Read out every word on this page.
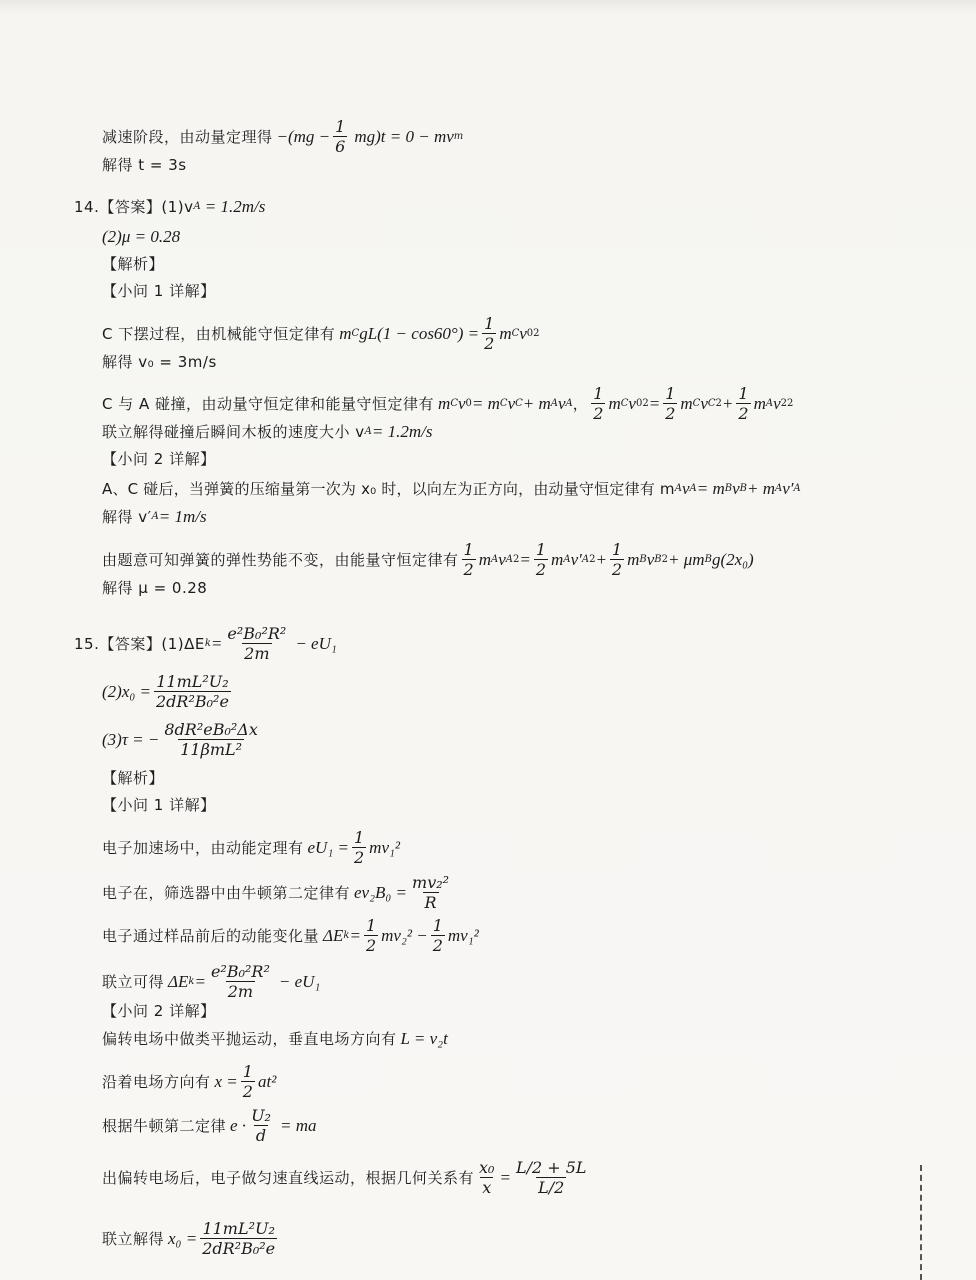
减速阶段，由动量定理得 $-(mg - \frac{1}{6} mg)t = 0$ − mv m
解得 t = 3s
14.【答案】(1)v A = 1.2m/s
(2)μ = 0.28
【解析】
【小问 1 详解】
C 下摆过程，由机械能守恒定律有 m C $gL(1 - \cos 60^\circ) = \frac{1}{2}$ m C v 0 2
解得 v₀ = 3m/s
C 与 A 碰撞，由动量守恒定律和能量守恒定律有 m C v 0 = m C v C + m A v A ， $\frac{1}{2}$ m C v 0 $2 = \frac{1}{2}$ m C v C $2 + \frac{1}{2}$ m A v 2 2
联立解得碰撞后瞬间木板的速度大小 v A = 1.2m/s
【小问 2 详解】
A、C 碰后，当弹簧的压缩量第一次为 x₀ 时，以向左为正方向，由动量守恒定律有 m A v A = m B v B + m A v′ A
解得 v′ A = 1m/s
由题意可知弹簧的弹性势能不变，由能量守恒定律有 $\frac{1}{2}$ m A v A $2 = \frac{1}{2}$ m A v′ A $2 + \frac{1}{2}$ m B v B 2 + μm B g(2x₀)
解得 μ = 0.28
15.【答案】(1)ΔE $k = \frac{\text{e²B₀²R²}}{2m} - eU_1$
$(2)x_0 = \frac{\text{11mL²U₂}}{\text{2dR²B₀²e}}$
(3)τ = − $\frac{\text{8dR²eB₀²Δx}}{\text{11βmL²}}$
【解析】
【小问 1 详解】
电子加速场中，由动能定理有 $eU_1 = \frac{1}{2} mv_1^2$
电子在，筛选器中由牛顿第二定律有 $ev_2B_0 = \frac{\text{mv₂²}}{R}$
电子通过样品前后的动能变化量 ΔE $k = \frac{1}{2} mv_2^2 - \frac{1}{2} mv_1^2$
联立可得 ΔE $k = \frac{\text{e²B₀²R²}}{2m} - eU_1$
【小问 2 详解】
偏转电场中做类平抛运动，垂直电场方向有 L = v₂t
沿着电场方向有 $x = \frac{1}{2} at^2$
根据牛顿第二定律 $e \cdot \frac{\text{U₂}}{d}$ = ma
出偏转电场后，电子做匀速直线运动，根据几何关系有 $\frac{\text{x₀}}{x} = \frac{L/2 + 5L}{L/2}$
联立解得 $x_0 = \frac{\text{11mL²U₂}}{\text{2dR²B₀²e}}$
